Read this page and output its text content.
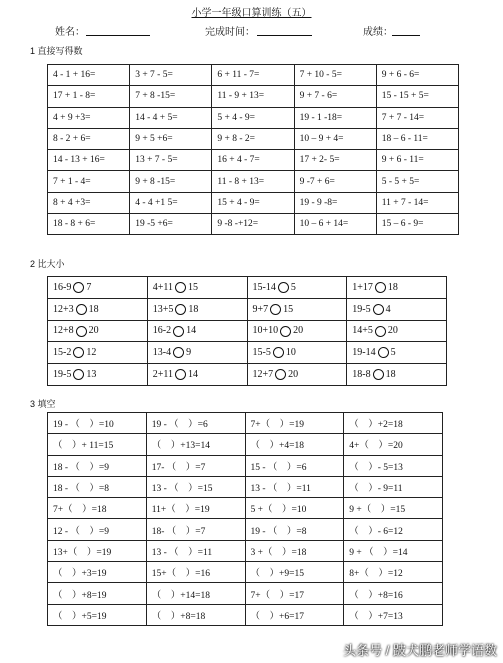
小学一年级口算训练（五）
姓名：	完成时间：	成绩：
1 直接写得数
4 - 1 + 16=	3 + 7 - 5=	6 + 11 - 7=	7 + 10 - 5=	9 + 6 - 6=
17 + 1 - 8=	7 + 8 -15=	11 - 9 + 13=	9 + 7 - 6=	15 - 15 + 5=
4 + 9 +3=	14 - 4 + 5=	5 + 4 - 9=	19 - 1 -18=	7 + 7 - 14=
8 - 2 + 6=	9 + 5 +6=	9 + 8 - 2=	10 – 9 + 4=	18 – 6 - 11=
14 - 13 + 16=	13 + 7 - 5=	16 + 4 - 7=	17 + 2- 5=	9 + 6 - 11=
7 + 1 - 4=	9 + 8 -15=	11 - 8 + 13=	9 -7 + 6=	5 - 5 + 5=
8 + 4 +3=	4 - 4 +1 5=	15 + 4 - 9=	19 - 9 -8=	11 + 7 - 14=
18 - 8 + 6=	19 -5 +6=	9 -8 -+12=	10 – 6 + 14=	15 – 6 - 9=
2 比大小
16-9 7	4+11 15	15-14 5	1+17 18
12+3 18	13+5 18	9+7 15	19-5 4
12+8 20	16-2 14	10+10 20	14+5 20
15-2 12	13-4 9	15-5 10	19-14 5
19-5 13	2+11 14	12+7 20	18-8 18
3 填空
19 - （　）=10	19 - （　）=6	7+（　）=19	（　）+2=18
（　）+ 11=15	（　）+13=14	（　）+4=18	4+（　）=20
18 - （　）=9	17- （　）=7	15 - （　）=6	（　）- 5=13
18 - （　）=8	13 - （　）=15	13 - （　）=11	（　）- 9=11
7+（　）=18	11+（　）=19	5 +（　）=10	9 +（　）=15
12 - （　）=9	18- （　）=7	19 - （　）=8	（　）- 6=12
13+（　）=19	13 - （　）=11	3 +（　）=18	9 + （　）=14
（　）+3=19	15+（　）=16	（　）+9=15	8+（　）=12
（　）+8=19	（　）+14=18	7+（　）=17	（　）+8=16
（　）+5=19	（　）+8=18	（　）+6=17	（　）+7=13
头条号 / 跛犬鹏老师学语数
